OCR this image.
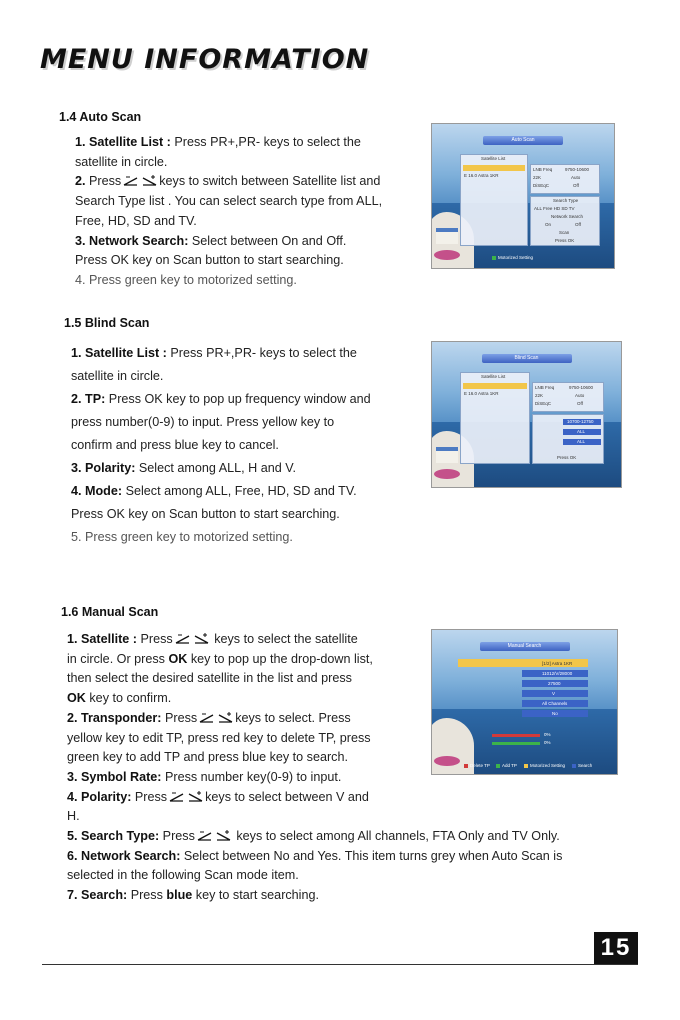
MENU INFORMATION
1.4 Auto Scan

1. Satellite List : Press PR+,PR- keys to select the

satellite in circle.

2. Press	keys to switch between Satellite list and

Search Type list . You can select search type from ALL,

Free, HD, SD and TV.

3. Network Search: Select between On and Off.

Press OK key on Scan button to start searching.

4. Press green key to motorized setting.

Auto Scan
Satellite List
E 16.0 Astra 1KR
LNB Freq	9750-10600
22K	Auto
DiSEqC	Off
Search Type
ALL Free HD SD TV
Network Search
On	Off
Scan
Press OK
Motorized Setting
1.5 Blind Scan

1. Satellite List : Press PR+,PR- keys to select the

satellite in circle.

2. TP: Press OK key to pop up frequency window and

press number(0-9) to input. Press yellow key to

confirm and press blue key to cancel.

3. Polarity: Select among ALL, H and V.

4. Mode: Select among ALL, Free, HD, SD and TV.

Press OK key on Scan button to start searching.

5. Press green key to motorized setting.

Blind Scan
Satellite List
E 16.0 Astra 1KR
LNB Freq	9750-10600
22K	Auto
DiSEqC	Off
10700-12750
ALL
ALL
Press OK
1.6 Manual Scan

1. Satellite : Press	keys to select the satellite

in circle. Or press OK key to pop up the drop-down list,

then select the desired satellite in the list and press

OK key to confirm.

2. Transponder: Press	keys to select. Press

yellow key to edit TP, press red key to delete TP, press

green key to add TP and press blue key to search.

3. Symbol Rate: Press number key(0-9) to input.

4. Polarity: Press	keys to select between V and

H.

5. Search Type: Press	keys to select among All channels, FTA Only and TV Only.

6. Network Search: Select between No and Yes. This item turns grey when Auto Scan is

selected in the following Scan mode item.

7. Search: Press blue key to start searching.

Manual Search
[1/2] Astra 1KR
11012/V/28000
27500
V
All Channels
No
0%
0%
Delete TP	Add TP	Motorized Setting	Search
15
